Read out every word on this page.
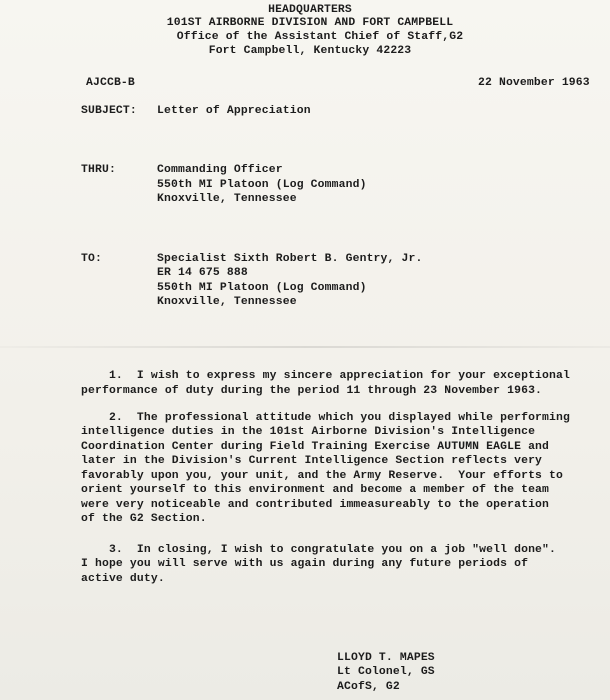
HEADQUARTERS
101ST AIRBORNE DIVISION AND FORT CAMPBELL
Office of the Assistant Chief of Staff,G2
Fort Campbell, Kentucky 42223
AJCCB-B	22 November 1963
SUBJECT: Letter of Appreciation
THRU:	Commanding Officer
550th MI Platoon (Log Command)
Knoxville, Tennessee
TO:	Specialist Sixth Robert B. Gentry, Jr.
ER 14 675 888
550th MI Platoon (Log Command)
Knoxville, Tennessee
1.  I wish to express my sincere appreciation for your exceptional
performance of duty during the period 11 through 23 November 1963.
2.  The professional attitude which you displayed while performing
intelligence duties in the 101st Airborne Division's Intelligence
Coordination Center during Field Training Exercise AUTUMN EAGLE and
later in the Division's Current Intelligence Section reflects very
favorably upon you, your unit, and the Army Reserve.  Your efforts to
orient yourself to this environment and become a member of the team
were very noticeable and contributed immeasureably to the operation
of the G2 Section.
3.  In closing, I wish to congratulate you on a job "well done".
I hope you will serve with us again during any future periods of
active duty.
LLOYD T. MAPES
Lt Colonel, GS
ACofS, G2
